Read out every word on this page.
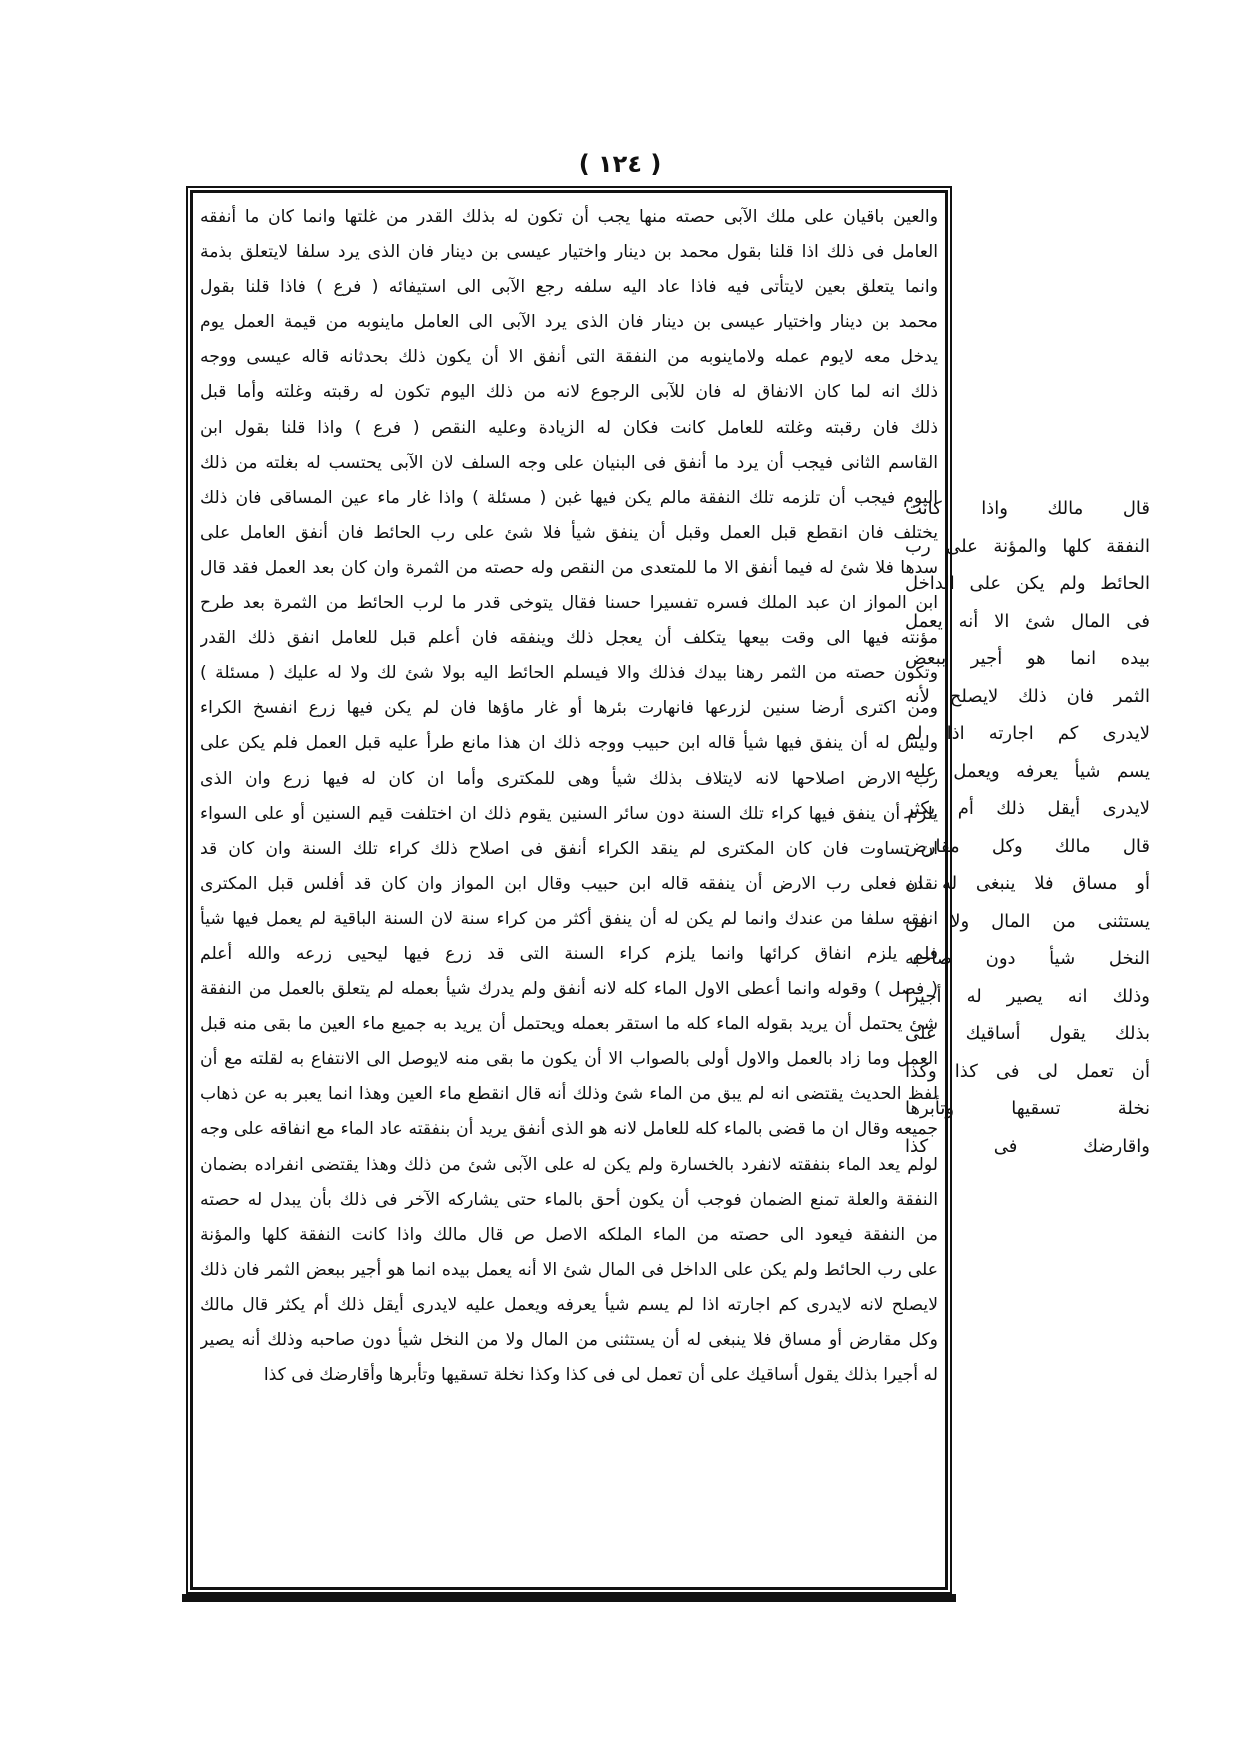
( ١٢٤ )
والعين باقيان على ملك الآبى حصته منها يجب أن تكون له بذلك القدر من غلتها وانما كان ما أنفقه
العامل فى ذلك اذا قلنا بقول محمد بن دينار واختيار عيسى بن دينار فان الذى يرد سلفا لايتعلق بذمة
وانما يتعلق بعين لايتأتى فيه فاذا عاد اليه سلفه رجع الآبى الى استيفائه ( فرع ) فاذا قلنا بقول
محمد بن دينار واختيار عيسى بن دينار فان الذى يرد الآبى الى العامل ماينوبه من قيمة العمل يوم
يدخل معه لايوم عمله ولاماينوبه من النفقة التى أنفق الا أن يكون ذلك بحدثانه قاله عيسى ووجه
ذلك انه لما كان الانفاق له فان للآبى الرجوع لانه من ذلك اليوم تكون له رقبته وغلته وأما قبل
ذلك فان رقبته وغلته للعامل كانت فكان له الزيادة وعليه النقص ( فرع ) واذا قلنا بقول ابن
القاسم الثانى فيجب أن يرد ما أنفق فى البنيان على وجه السلف لان الآبى يحتسب له بغلته من ذلك
اليوم فيجب أن تلزمه تلك النفقة مالم يكن فيها غبن ( مسئلة ) واذا غار ماء عين المساقى فان ذلك
يختلف فان انقطع قبل العمل وقبل أن ينفق شيأ فلا شئ على رب الحائط فان أنفق العامل على
سدها فلا شئ له فيما أنفق الا ما للمتعدى من النقص وله حصته من الثمرة وان كان بعد العمل فقد قال
ابن المواز ان عبد الملك فسره تفسيرا حسنا فقال يتوخى قدر ما لرب الحائط من الثمرة بعد طرح
مؤنته فيها الى وقت بيعها يتكلف أن يعجل ذلك وينفقه فان أعلم قبل للعامل انفق ذلك القدر
وتكون حصته من الثمر رهنا بيدك فذلك والا فيسلم الحائط اليه بولا شئ لك ولا له عليك ( مسئلة )
ومن اكترى أرضا سنين لزرعها فانهارت بئرها أو غار ماؤها فان لم يكن فيها زرع انفسخ الكراء
وليس له أن ينفق فيها شيأ قاله ابن حبيب ووجه ذلك ان هذا مانع طرأ عليه قبل العمل فلم يكن على
رب الارض اصلاحها لانه لايتلاف بذلك شيأ وهى للمكترى وأما ان كان له فيها زرع وان الذى
يلزم أن ينفق فيها كراء تلك السنة دون سائر السنين يقوم ذلك ان اختلفت قيم السنين أو على السواء
ان تساوت فان كان المكترى لم ينقد الكراء أنفق فى اصلاح ذلك كراء تلك السنة وان كان قد
نقده فعلى رب الارض أن ينفقه قاله ابن حبيب وقال ابن المواز وان كان قد أفلس قبل المكترى
انفقه سلفا من عندك وانما لم يكن له أن ينفق أكثر من كراء سنة لان السنة الباقية لم يعمل فيها شيأ
فلم يلزم انفاق كرائها وانما يلزم كراء السنة التى قد زرع فيها ليحيى زرعه والله أعلم
( فصل ) وقوله وانما أعطى الاول الماء كله لانه أنفق ولم يدرك شيأ بعمله لم يتعلق بالعمل من النفقة
شئ يحتمل أن يريد بقوله الماء كله ما استقر بعمله ويحتمل أن يريد به جميع ماء العين ما بقى منه قبل
العمل وما زاد بالعمل والاول أولى بالصواب الا أن يكون ما بقى منه لايوصل الى الانتفاع به لقلته مع أن
لفظ الحديث يقتضى انه لم يبق من الماء شئ وذلك أنه قال انقطع ماء العين وهذا انما يعبر به عن ذهاب
جميعه وقال ان ما قضى بالماء كله للعامل لانه هو الذى أنفق يريد أن بنفقته عاد الماء مع انفاقه على وجه
لولم يعد الماء بنفقته لانفرد بالخسارة ولم يكن له على الآبى شئ من ذلك وهذا يقتضى انفراده بضمان
النفقة والعلة تمنع الضمان فوجب أن يكون أحق بالماء حتى يشاركه الآخر فى ذلك بأن يبدل له حصته
من النفقة فيعود الى حصته من الماء الملكه الاصل ص قال مالك واذا كانت النفقة كلها والمؤنة
على رب الحائط ولم يكن على الداخل فى المال شئ الا أنه يعمل بيده انما هو أجير ببعض الثمر فان ذلك
لايصلح لانه لايدرى كم اجارته اذا لم يسم شيأ يعرفه ويعمل عليه لايدرى أيقل ذلك أم يكثر قال مالك
وكل مقارض أو مساق فلا ينبغى له أن يستثنى من المال ولا من النخل شيأ دون صاحبه وذلك أنه يصير
له أجيرا بذلك يقول أساقيك على أن تعمل لى فى كذا وكذا نخلة تسقيها وتأبرها وأقارضك فى كذا
قال مالك واذا كانت
النفقة كلها والمؤنة على رب
الحائط ولم يكن على الداخل
فى المال شئ الا أنه يعمل
بيده انما هو أجير ببعض
الثمر فان ذلك لايصلح لأنه
لايدرى كم اجارته اذا لم
يسم شيأ يعرفه ويعمل عليه
لايدرى أيقل ذلك أم يكثر
قال مالك وكل مقارض
أو مساق فلا ينبغى له ان
يستثنى من المال ولا من
النخل شيأ دون صاحبه
وذلك انه يصير له أجيرا
بذلك يقول أساقيك على
أن تعمل لى فى كذا وكذا
نخلة تسقيها وتأبرها
واقارضك فى كذا
